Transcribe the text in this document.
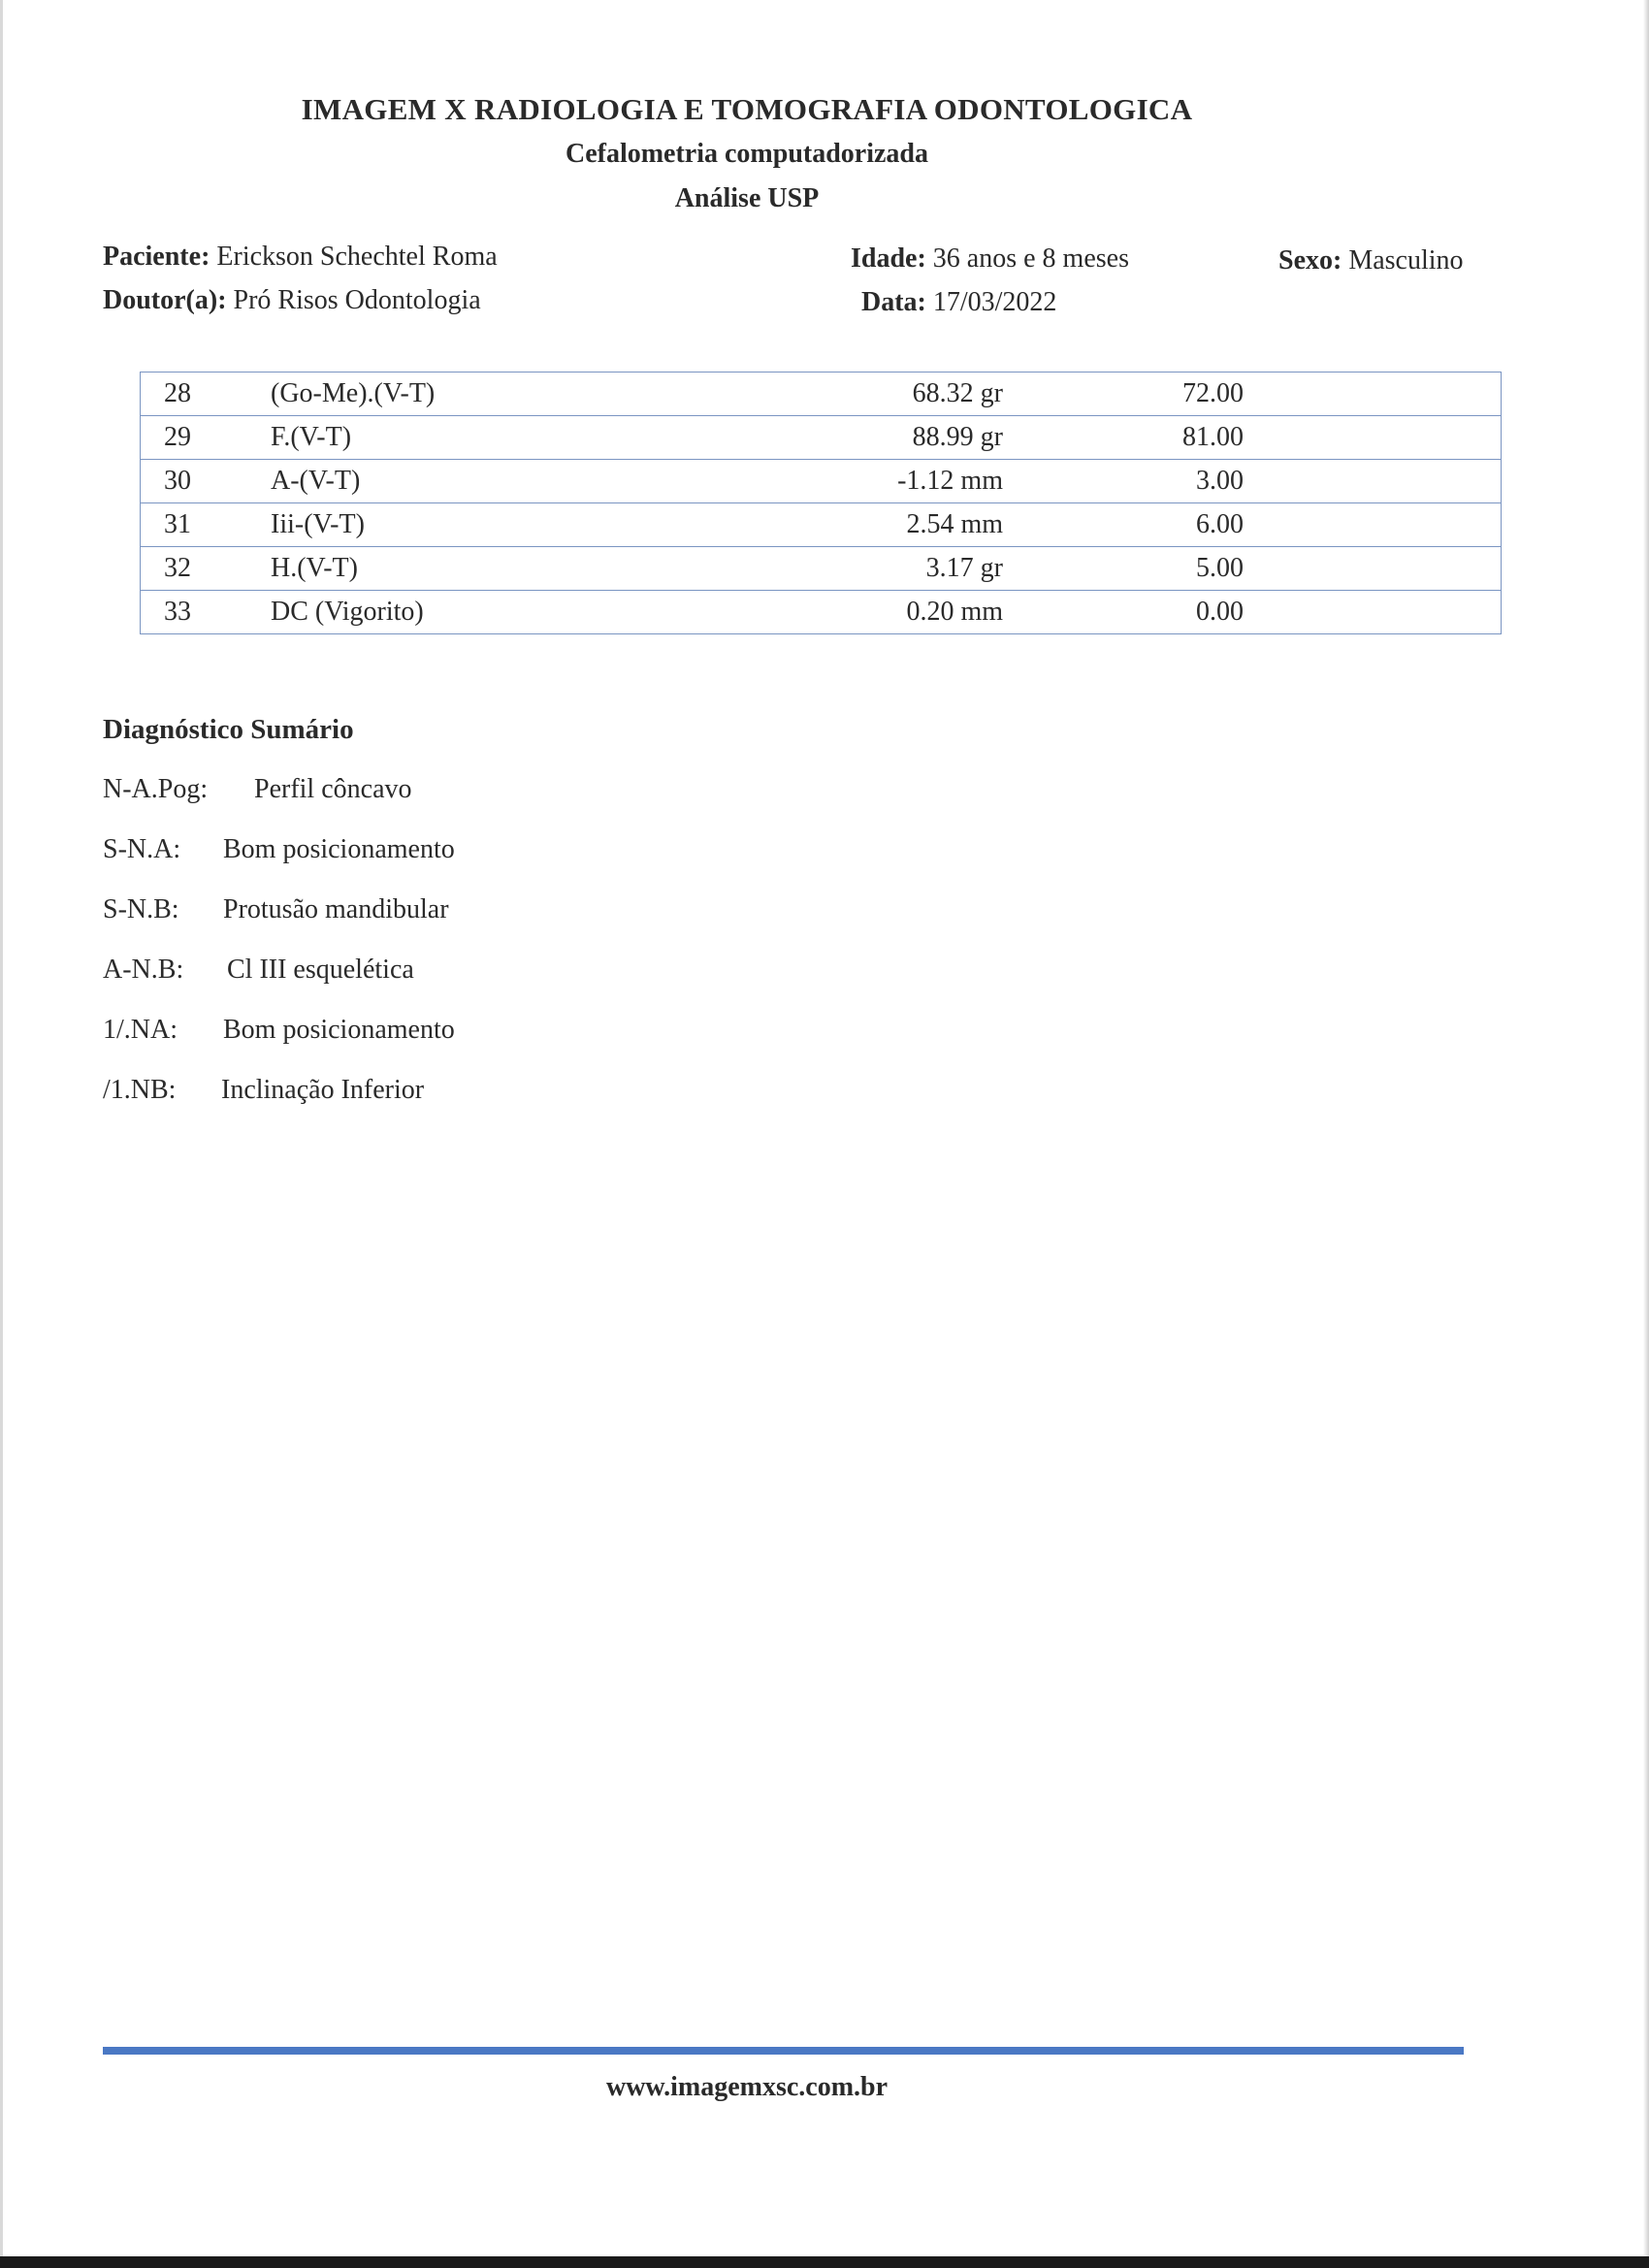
IMAGEM X RADIOLOGIA E TOMOGRAFIA ODONTOLOGICA
Cefalometria computadorizada
Análise USP
Paciente: Erickson Schechtel Roma
Doutor(a): Pró Risos Odontologia
Idade: 36 anos e 8 meses
Data: 17/03/2022
Sexo: Masculino
28	(Go-Me).(V-T)	68.32 gr	72.00	
29	F.(V-T)	88.99 gr	81.00	
30	A-(V-T)	-1.12 mm	3.00	
31	Iii-(V-T)	2.54 mm	6.00	
32	H.(V-T)	3.17 gr	5.00	
33	DC (Vigorito)	0.20 mm	0.00	
Diagnóstico Sumário
N-A.Pog: Perfil côncavo
S-N.A: Bom posicionamento
S-N.B: Protusão mandibular
A-N.B: Cl III esquelética
1/.NA: Bom posicionamento
/1.NB: Inclinação Inferior
www.imagemxsc.com.br
